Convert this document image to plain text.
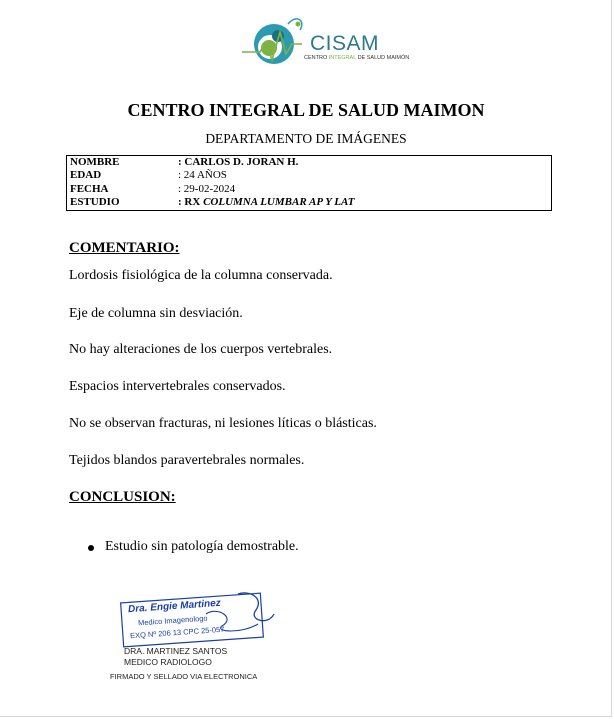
CISAM
CENTRO INTEGRAL DE SALUD MAIMÓN
CENTRO INTEGRAL DE SALUD MAIMON
DEPARTAMENTO DE IMÁGENES
NOMBRE	: CARLOS D. JORAN H.
EDAD	: 24 AÑOS
FECHA	: 29-02-2024
ESTUDIO	: RX COLUMNA LUMBAR AP Y LAT
COMENTARIO:
Lordosis fisiológica de la columna conservada.
Eje de columna sin desviación.
No hay alteraciones de los cuerpos vertebrales.
Espacios intervertebrales conservados.
No se observan fracturas, ni lesiones líticas o blásticas.
Tejidos blandos paravertebrales normales.
CONCLUSION:
Estudio sin patología demostrable.
Dra. Engie Martinez
Medico Imagenologo
EXQ Nº 206 13 CPC 25-057
DRA. MARTINEZ SANTOS
MEDICO RADIOLOGO
FIRMADO Y SELLADO VIA ELECTRONICA
